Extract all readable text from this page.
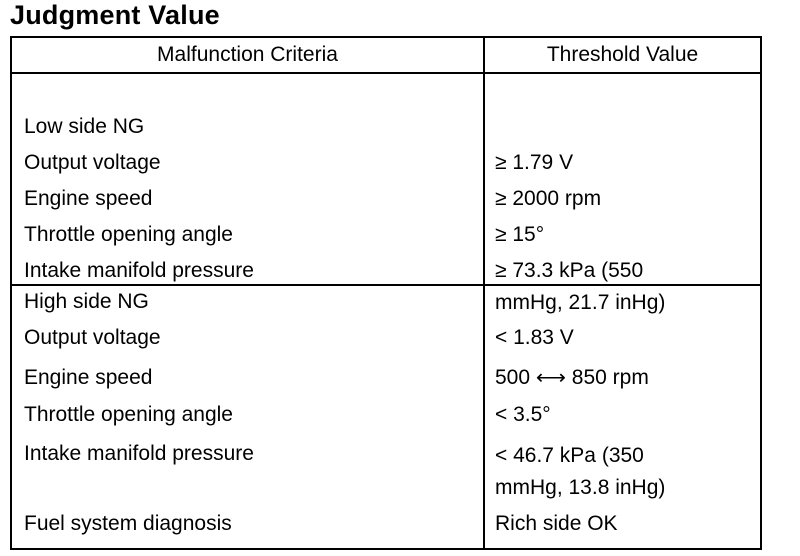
Judgment Value
Malfunction Criteria	Threshold Value
Low side NG
Output voltage
Engine speed
Throttle opening angle
Intake manifold pressure
≥ 1.79 V
≥ 2000 rpm
≥ 15°
≥ 73.3 kPa (550
mmHg, 21.7 inHg)
High side NG
Output voltage
Engine speed
Throttle opening angle
Intake manifold pressure
Fuel system diagnosis
< 1.83 V
500 ⟷ 850 rpm
< 3.5°
< 46.7 kPa (350
mmHg, 13.8 inHg)
Rich side OK
